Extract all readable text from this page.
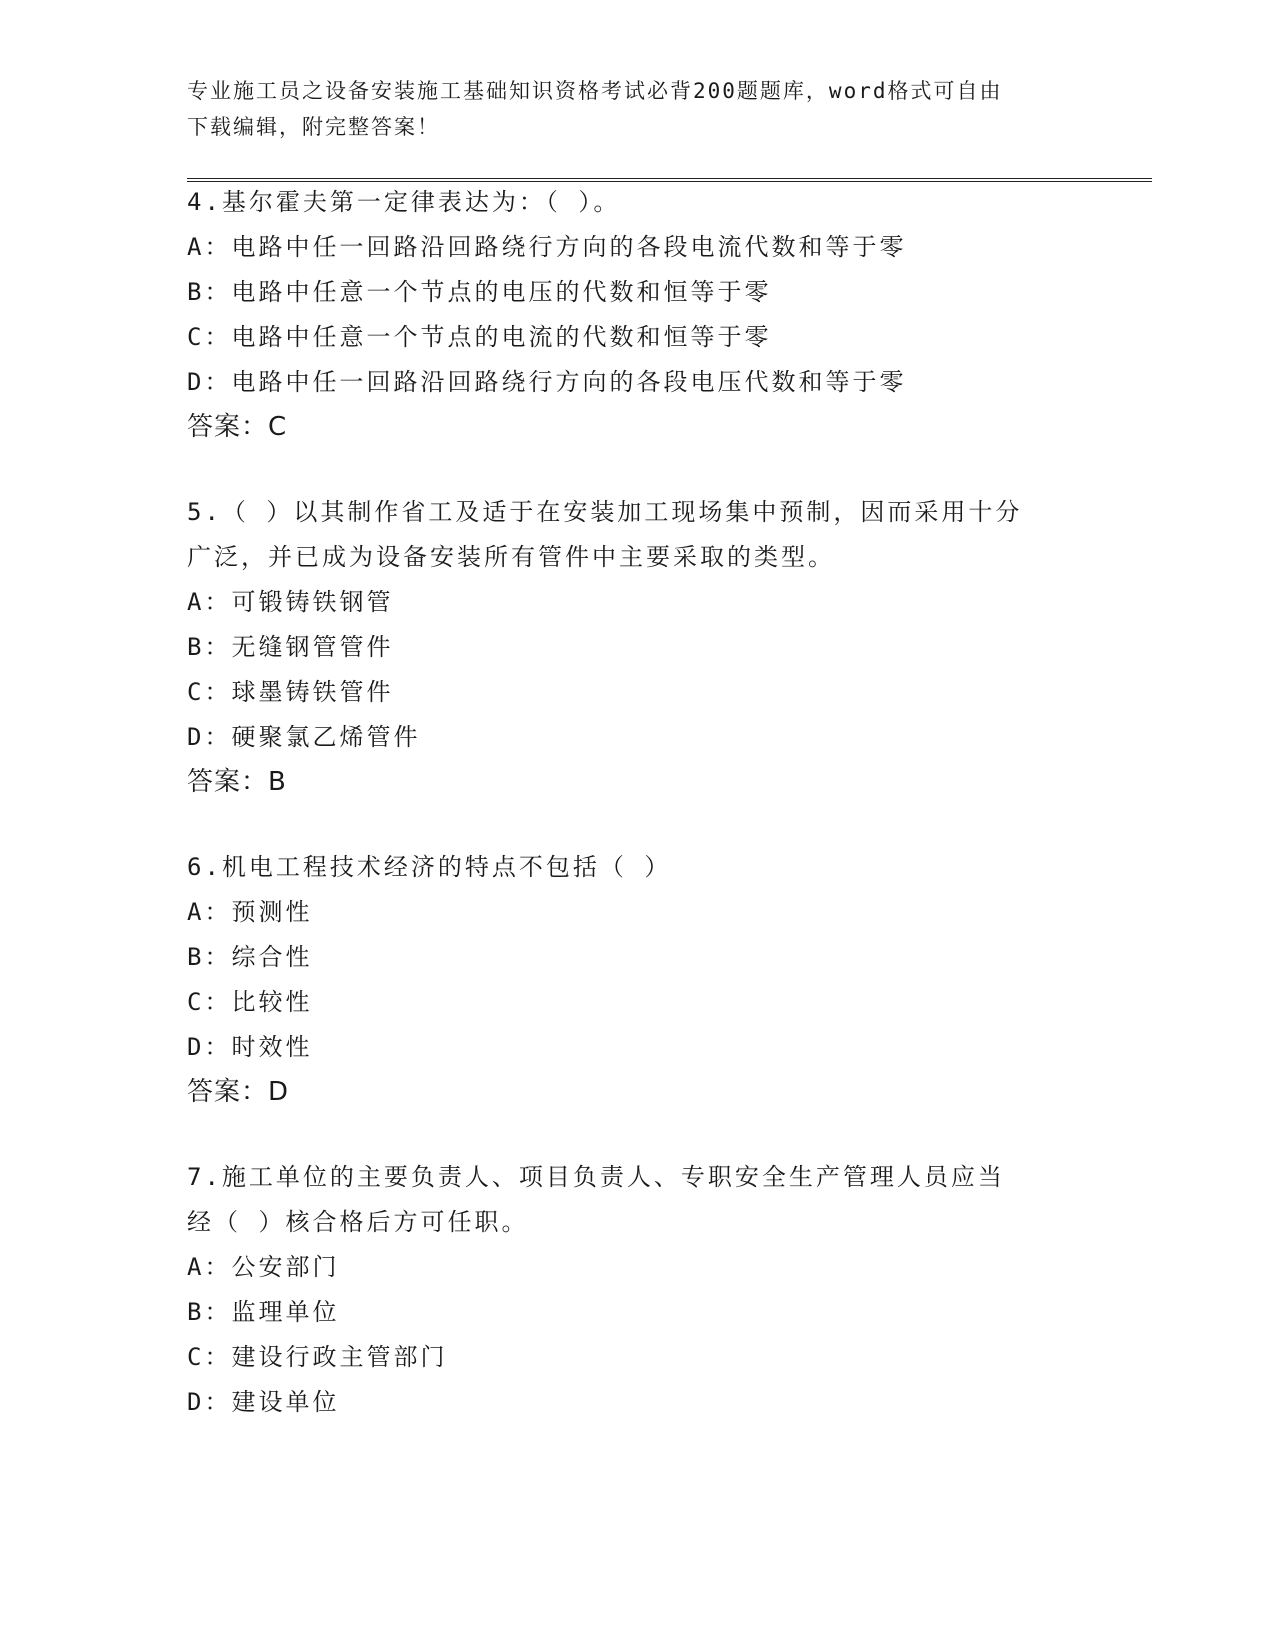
专业施工员之设备安装施工基础知识资格考试必背200题题库，word格式可自由
下载编辑，附完整答案！
4.基尔霍夫第一定律表达为：（ ）。
A：电路中任一回路沿回路绕行方向的各段电流代数和等于零
B：电路中任意一个节点的电压的代数和恒等于零
C：电路中任意一个节点的电流的代数和恒等于零
D：电路中任一回路沿回路绕行方向的各段电压代数和等于零
答案：C
5.（ ）以其制作省工及适于在安装加工现场集中预制，因而采用十分
广泛，并已成为设备安装所有管件中主要采取的类型。
A：可锻铸铁钢管
B：无缝钢管管件
C：球墨铸铁管件
D：硬聚氯乙烯管件
答案：B
6.机电工程技术经济的特点不包括（ ）
A：预测性
B：综合性
C：比较性
D：时效性
答案：D
7.施工单位的主要负责人、项目负责人、专职安全生产管理人员应当
经（ ）核合格后方可任职。
A：公安部门
B：监理单位
C：建设行政主管部门
D：建设单位
